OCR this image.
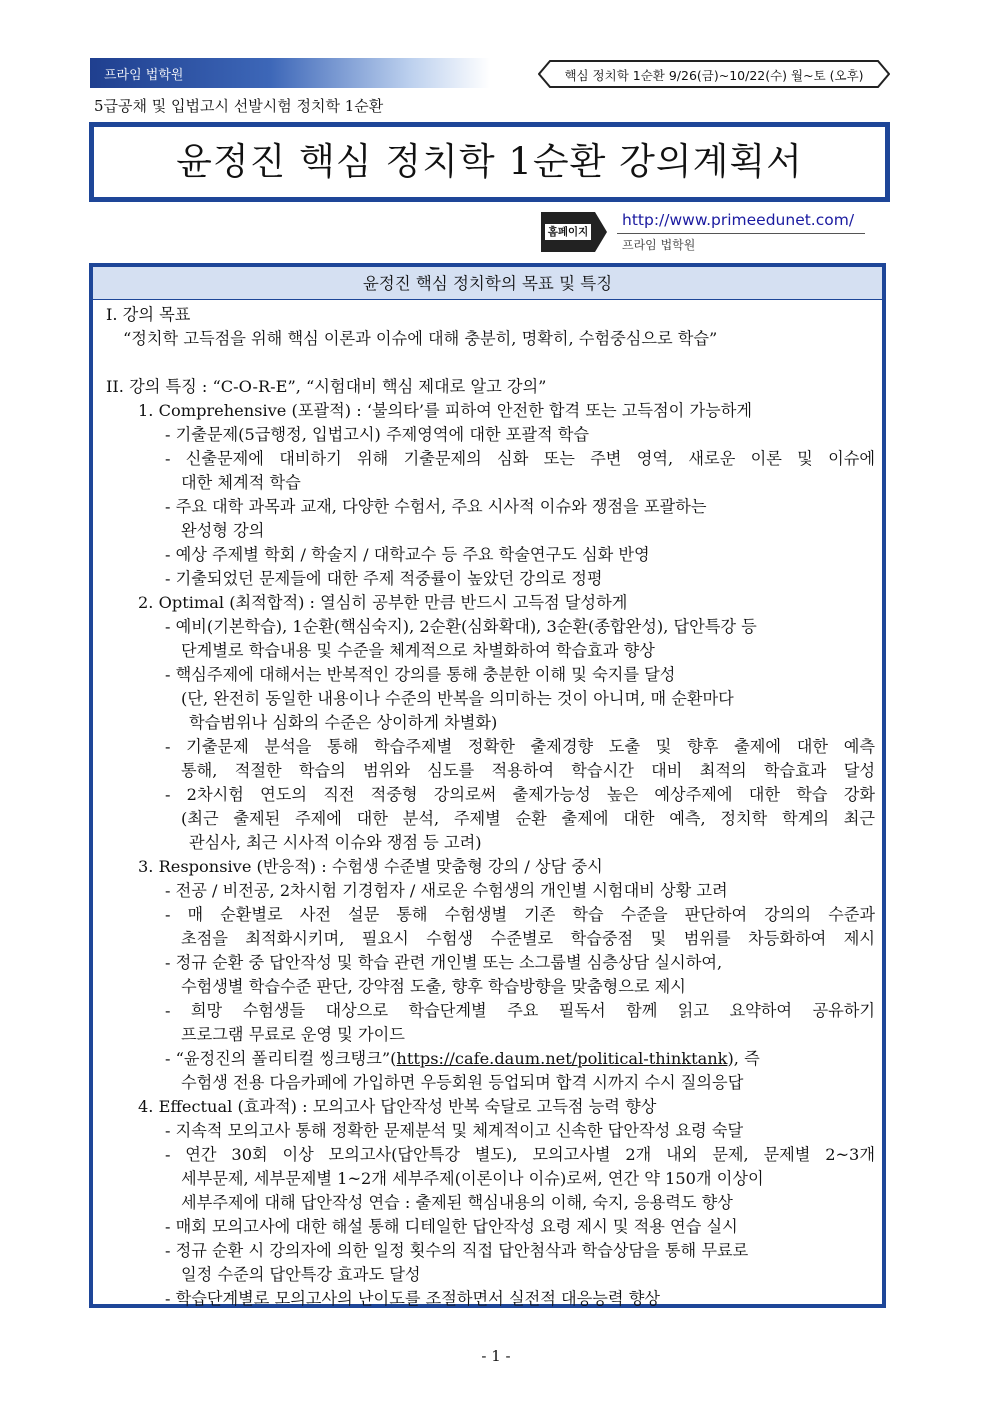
프라임 법학원	핵심 정치학 1순환 9/26(금)~10/22(수) 월~토 (오후)
5급공채 및 입법고시 선발시험 정치학 1순환
윤정진 핵심 정치학 1순환 강의계획서
홈페이지
http://www.primeedunet.com/
프라임 법학원
윤정진 핵심 정치학의 목표 및 특징
I. 강의 목표
“정치학 고득점을 위해 핵심 이론과 이슈에 대해 충분히, 명확히, 수험중심으로 학습”
II. 강의 특징 : “C-O-R-E”, “시험대비 핵심 제대로 알고 강의”
1. Comprehensive (포괄적) : ‘불의타’를 피하여 안전한 합격 또는 고득점이 가능하게
- 기출문제(5급행정, 입법고시) 주제영역에 대한 포괄적 학습
- 신출문제에 대비하기 위해 기출문제의 심화 또는 주변 영역, 새로운 이론 및 이슈에
대한 체계적 학습
- 주요 대학 과목과 교재, 다양한 수험서, 주요 시사적 이슈와 쟁점을 포괄하는
완성형 강의
- 예상 주제별 학회 / 학술지 / 대학교수 등 주요 학술연구도 심화 반영
- 기출되었던 문제들에 대한 주제 적중률이 높았던 강의로 정평
2. Optimal (최적합적) : 열심히 공부한 만큼 반드시 고득점 달성하게
- 예비(기본학습), 1순환(핵심숙지), 2순환(심화확대), 3순환(종합완성), 답안특강 등
단계별로 학습내용 및 수준을 체계적으로 차별화하여 학습효과 향상
- 핵심주제에 대해서는 반복적인 강의를 통해 충분한 이해 및 숙지를 달성
(단, 완전히 동일한 내용이나 수준의 반복을 의미하는 것이 아니며, 매 순환마다
학습범위나 심화의 수준은 상이하게 차별화)
- 기출문제 분석을 통해 학습주제별 정확한 출제경향 도출 및 향후 출제에 대한 예측
통해, 적절한 학습의 범위와 심도를 적용하여 학습시간 대비 최적의 학습효과 달성
- 2차시험 연도의 직전 적중형 강의로써 출제가능성 높은 예상주제에 대한 학습 강화
(최근 출제된 주제에 대한 분석, 주제별 순환 출제에 대한 예측, 정치학 학계의 최근
관심사, 최근 시사적 이슈와 쟁점 등 고려)
3. Responsive (반응적) : 수험생 수준별 맞춤형 강의 / 상담 중시
- 전공 / 비전공, 2차시험 기경험자 / 새로운 수험생의 개인별 시험대비 상황 고려
- 매 순환별로 사전 설문 통해 수험생별 기존 학습 수준을 판단하여 강의의 수준과
초점을 최적화시키며, 필요시 수험생 수준별로 학습중점 및 범위를 차등화하여 제시
- 정규 순환 중 답안작성 및 학습 관련 개인별 또는 소그룹별 심층상담 실시하여,
수험생별 학습수준 판단, 강약점 도출, 향후 학습방향을 맞춤형으로 제시
- 희망 수험생들 대상으로 학습단계별 주요 필독서 함께 읽고 요약하여 공유하기
프로그램 무료로 운영 및 가이드
- “윤정진의 폴리티컬 씽크탱크”(https://cafe.daum.net/political-thinktank), 즉
수험생 전용 다음카페에 가입하면 우등회원 등업되며 합격 시까지 수시 질의응답
4. Effectual (효과적) : 모의고사 답안작성 반복 숙달로 고득점 능력 향상
- 지속적 모의고사 통해 정확한 문제분석 및 체계적이고 신속한 답안작성 요령 숙달
- 연간 30회 이상 모의고사(답안특강 별도), 모의고사별 2개 내외 문제, 문제별 2~3개
세부문제, 세부문제별 1~2개 세부주제(이론이나 이슈)로써, 연간 약 150개 이상이
세부주제에 대해 답안작성 연습 : 출제된 핵심내용의 이해, 숙지, 응용력도 향상
- 매회 모의고사에 대한 해설 통해 디테일한 답안작성 요령 제시 및 적용 연습 실시
- 정규 순환 시 강의자에 의한 일정 횟수의 직접 답안첨삭과 학습상담을 통해 무료로
일정 수준의 답안특강 효과도 달성
- 학습단계별로 모의고사의 난이도를 조절하면서 실전적 대응능력 향상
- 1 -
